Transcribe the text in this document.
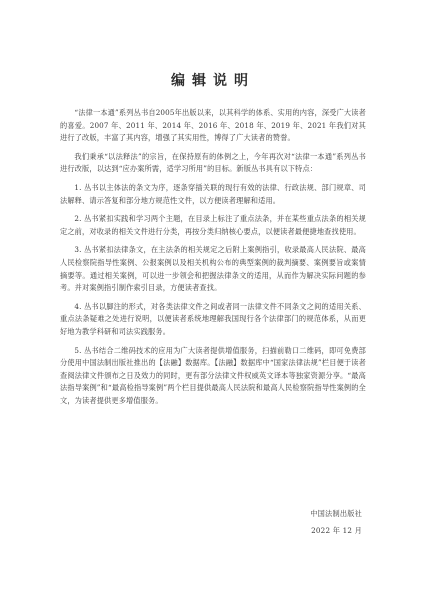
编辑说明

“法律一本通”系列丛书自2005年出版以来，以其科学的体系、实用的内容，深受广大读者的喜爱。2007 年、2011 年、2014 年、2016 年、2018 年、2019 年、2021 年我们对其进行了改版，丰富了其内容，增强了其实用性，博得了广大读者的赞誉。

我们秉承“以法释法”的宗旨，在保持原有的体例之上，今年再次对“法律一本通”系列丛书进行改版，以达到“应办案所需，适学习所用”的目标。新版丛书具有以下特点：

1. 丛书以主体法的条文为序，逐条穿插关联的现行有效的法律、行政法规、部门规章、司法解释、请示答复和部分地方规范性文件，以方便读者理解和适用。

2. 丛书紧扣实践和学习两个主题，在目录上标注了重点法条，并在某些重点法条的相关规定之前，对收录的相关文件进行分类，再按分类归纳核心要点，以便读者最便捷地查找使用。

3. 丛书紧扣法律条文，在主法条的相关规定之后附上案例指引，收录最高人民法院、最高人民检察院指导性案例、公报案例以及相关机构公布的典型案例的裁判摘要、案例要旨或案情摘要等。通过相关案例，可以进一步领会和把握法律条文的适用，从而作为解决实际问题的参考。并对案例指引制作索引目录，方便读者查找。

4. 丛书以脚注的形式，对各类法律文件之间或者同一法律文件不同条文之间的适用关系、重点法条疑难之处进行说明，以便读者系统地理解我国现行各个法律部门的规范体系，从而更好地为教学科研和司法实践服务。

5. 丛书结合二维码技术的应用为广大读者提供增值服务，扫描前勒口二维码，即可免费部分使用中国法制出版社推出的【法融】数据库。【法融】数据库中“国家法律法规”栏目便于读者查阅法律文件颁布之日及效力的同时，更有部分法律文件权威英文译本等独家资源分享。“最高法指导案例”和“最高检指导案例”两个栏目提供最高人民法院和最高人民检察院指导性案例的全文，为读者提供更多增值服务。

中国法制出版社
2022 年 12 月
